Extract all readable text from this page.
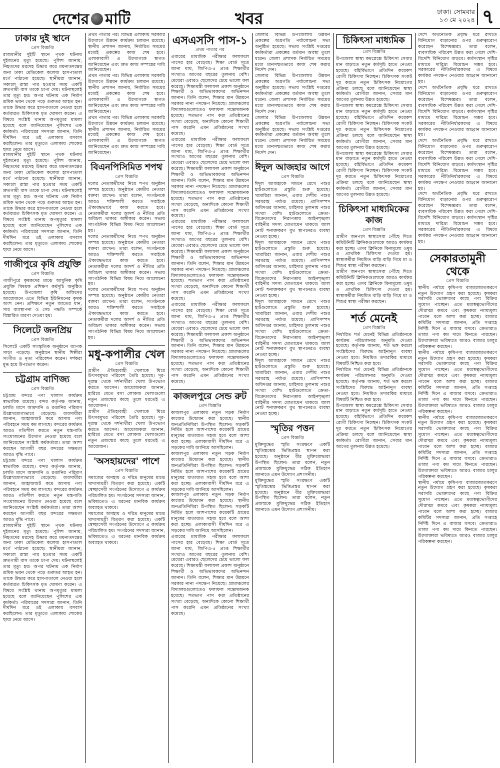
দেশের মাটি	খবর	ঢাকা। সোমবার
১৩ মে ২০২৪ ৭
ঢাকার দুই স্থানে
প্রেস বিজ্ঞপ্তি

রাজধানীর দুইটি স্থানে পৃথক ঘটনায় দুইজনের মৃত্যু হয়েছে। পুলিশ জানায়, নিহতদের মরদেহ উদ্ধার করে ময়নাতদন্তের জন্য ঢাকা মেডিকেল কলেজ হাসপাতাল মর্গে পাঠানো হয়েছে। স্থানীয়রা জানান, সকালে রাস্তা পার হওয়ার সময় একটি দ্রুতগামী বাস তাকে চাপা দেয়। ঘটনাস্থলেই তার মৃত্যু হয়। অপর ঘটনায় এক নির্মাণ শ্রমিক ভবন থেকে পড়ে গুরুতর আহত হন। তাকে উদ্ধার করে হাসপাতালে নেওয়া হলে কর্তব্যরত চিকিৎসক মৃত ঘোষণা করেন। এ বিষয়ে সংশ্লিষ্ট থানায় অপমৃত্যুর মামলা হয়েছে বলে জানিয়েছেন পুলিশের এক কর্মকর্তা। পরিবারের সদস্যরা জানান, তিনি দীর্ঘদিন ধরে ওই এলাকায় বসবাস করছিলেন। তার মৃত্যুতে এলাকায় শোকের ছায়া নেমে আসে।

রাজধানীর দুইটি স্থানে পৃথক ঘটনায় দুইজনের মৃত্যু হয়েছে। পুলিশ জানায়, নিহতদের মরদেহ উদ্ধার করে ময়নাতদন্তের জন্য ঢাকা মেডিকেল কলেজ হাসপাতাল মর্গে পাঠানো হয়েছে। স্থানীয়রা জানান, সকালে রাস্তা পার হওয়ার সময় একটি দ্রুতগামী বাস তাকে চাপা দেয়। ঘটনাস্থলেই তার মৃত্যু হয়। অপর ঘটনায় এক নির্মাণ শ্রমিক ভবন থেকে পড়ে গুরুতর আহত হন। তাকে উদ্ধার করে হাসপাতালে নেওয়া হলে কর্তব্যরত চিকিৎসক মৃত ঘোষণা করেন। এ বিষয়ে সংশ্লিষ্ট থানায় অপমৃত্যুর মামলা হয়েছে বলে জানিয়েছেন পুলিশের এক কর্মকর্তা। পরিবারের সদস্যরা জানান, তিনি দীর্ঘদিন ধরে ওই এলাকায় বসবাস করছিলেন। তার মৃত্যুতে এলাকায় শোকের ছায়া নেমে আসে।

গাজীপুরে কৃষি প্রযুক্তি
প্রেস বিজ্ঞপ্তি

গাজীপুরে কৃষকদের মাঝে আধুনিক কৃষি প্রযুক্তি বিষয়ক প্রশিক্ষণ কর্মসূচি অনুষ্ঠিত হয়েছে। উপজেলা কৃষি অফিসের আয়োজনে এতে বিভিন্ন ইউনিয়নের কৃষক অংশ নেন। প্রশিক্ষণে নতুন জাতের ধান, সার ব্যবস্থাপনা ও সেচ পদ্ধতি সম্পর্কে বিস্তারিত ধারণা দেওয়া হয়।

সিলেটে জনপ্রিয়
প্রেস বিজ্ঞপ্তি

সিলেটে একটি সাংস্কৃতিক অনুষ্ঠানে ব্যাপক সাড়া পড়েছে। অনুষ্ঠানে স্থানীয় শিল্পীরা সংগীত ও নৃত্য পরিবেশন করেন। দর্শকরা মুগ্ধ হয়ে উপভোগ করেন।

চট্টগ্রাম বাণিজ্য
প্রেস বিজ্ঞপ্তি

চট্টগ্রাম বন্দরে পণ্য খালাস কার্যক্রম স্বাভাবিক রয়েছে। বন্দর কর্তৃপক্ষ জানায়, চলতি মাসে আমদানি ও রপ্তানির পরিমাণ উল্লেখযোগ্যভাবে বেড়েছে। ব্যবসায়ীরা জানান, জাহাজজট কমে আসায় পণ্য পরিবহনে সময় কম লাগছে। বন্দরের কার্যক্রম আরও গতিশীল করতে নতুন যন্ত্রপাতি সংযোজনের উদ্যোগ নেওয়া হয়েছে বলে জানিয়েছেন সংশ্লিষ্ট কর্মকর্তারা। তারা আশা করছেন আগামী বছর বন্দরের সক্ষমতা আরও বৃদ্ধি পাবে।

চট্টগ্রাম বন্দরে পণ্য খালাস কার্যক্রম স্বাভাবিক রয়েছে। বন্দর কর্তৃপক্ষ জানায়, চলতি মাসে আমদানি ও রপ্তানির পরিমাণ উল্লেখযোগ্যভাবে বেড়েছে। ব্যবসায়ীরা জানান, জাহাজজট কমে আসায় পণ্য পরিবহনে সময় কম লাগছে। বন্দরের কার্যক্রম আরও গতিশীল করতে নতুন যন্ত্রপাতি সংযোজনের উদ্যোগ নেওয়া হয়েছে বলে জানিয়েছেন সংশ্লিষ্ট কর্মকর্তারা। তারা আশা করছেন আগামী বছর বন্দরের সক্ষমতা আরও বৃদ্ধি পাবে।

রাজধানীর দুইটি স্থানে পৃথক ঘটনায় দুইজনের মৃত্যু হয়েছে। পুলিশ জানায়, নিহতদের মরদেহ উদ্ধার করে ময়নাতদন্তের জন্য ঢাকা মেডিকেল কলেজ হাসপাতাল মর্গে পাঠানো হয়েছে। স্থানীয়রা জানান, সকালে রাস্তা পার হওয়ার সময় একটি দ্রুতগামী বাস তাকে চাপা দেয়। ঘটনাস্থলেই তার মৃত্যু হয়। অপর ঘটনায় এক নির্মাণ শ্রমিক ভবন থেকে পড়ে গুরুতর আহত হন। তাকে উদ্ধার করে হাসপাতালে নেওয়া হলে কর্তব্যরত চিকিৎসক মৃত ঘোষণা করেন। এ বিষয়ে সংশ্লিষ্ট থানায় অপমৃত্যুর মামলা হয়েছে বলে জানিয়েছেন পুলিশের এক কর্মকর্তা। পরিবারের সদস্যরা জানান, তিনি দীর্ঘদিন ধরে ওই এলাকায় বসবাস করছিলেন। তার মৃত্যুতে এলাকায় শোকের ছায়া নেমে আসে।

প্রথম পাতার পর। বিভিন্ন এলাকায় সরকারি উদ্যোগে উন্নয়ন কার্যক্রম চলমান রয়েছে। স্থানীয় প্রশাসন জানায়, নির্ধারিত সময়ের মধ্যেই প্রকল্পের কাজ শেষ হবে। এলাকাবাসী এ উদ্যোগকে স্বাগত জানিয়েছেন এবং দ্রুত কাজ সম্পন্নের দাবি জানিয়েছেন।

প্রথম পাতার পর। বিভিন্ন এলাকায় সরকারি উদ্যোগে উন্নয়ন কার্যক্রম চলমান রয়েছে। স্থানীয় প্রশাসন জানায়, নির্ধারিত সময়ের মধ্যেই প্রকল্পের কাজ শেষ হবে। এলাকাবাসী এ উদ্যোগকে স্বাগত জানিয়েছেন এবং দ্রুত কাজ সম্পন্নের দাবি জানিয়েছেন।

প্রথম পাতার পর। বিভিন্ন এলাকায় সরকারি উদ্যোগে উন্নয়ন কার্যক্রম চলমান রয়েছে। স্থানীয় প্রশাসন জানায়, নির্ধারিত সময়ের মধ্যেই প্রকল্পের কাজ শেষ হবে। এলাকাবাসী এ উদ্যোগকে স্বাগত জানিয়েছেন এবং দ্রুত কাজ সম্পন্নের দাবি জানিয়েছেন।

বিএনপিসিমিত শপথ
প্রেস বিজ্ঞপ্তি

দলের নেতাকর্মীদের নিয়ে শপথ অনুষ্ঠান সম্পন্ন হয়েছে। অনুষ্ঠানে কেন্দ্রীয় নেতারা বক্তব্য রাখেন। তারা বলেন, সংগঠনকে আরও শক্তিশালী করতে সবাইকে ঐক্যবদ্ধভাবে কাজ করতে হবে। নেতাকর্মীরা দলের আদর্শ ও নীতির প্রতি অবিচল থাকার অঙ্গীকার করেন। সভায় সাংগঠনিক বিভিন্ন বিষয় নিয়ে আলোচনা হয়।

দলের নেতাকর্মীদের নিয়ে শপথ অনুষ্ঠান সম্পন্ন হয়েছে। অনুষ্ঠানে কেন্দ্রীয় নেতারা বক্তব্য রাখেন। তারা বলেন, সংগঠনকে আরও শক্তিশালী করতে সবাইকে ঐক্যবদ্ধভাবে কাজ করতে হবে। নেতাকর্মীরা দলের আদর্শ ও নীতির প্রতি অবিচল থাকার অঙ্গীকার করেন। সভায় সাংগঠনিক বিভিন্ন বিষয় নিয়ে আলোচনা হয়।

দলের নেতাকর্মীদের নিয়ে শপথ অনুষ্ঠান সম্পন্ন হয়েছে। অনুষ্ঠানে কেন্দ্রীয় নেতারা বক্তব্য রাখেন। তারা বলেন, সংগঠনকে আরও শক্তিশালী করতে সবাইকে ঐক্যবদ্ধভাবে কাজ করতে হবে। নেতাকর্মীরা দলের আদর্শ ও নীতির প্রতি অবিচল থাকার অঙ্গীকার করেন। সভায় সাংগঠনিক বিভিন্ন বিষয় নিয়ে আলোচনা হয়।

মধু-কপালীর খেল
প্রেস বিজ্ঞপ্তি

গ্রামীণ ঐতিহ্যবাহী খেলাকে ঘিরে উৎসবমুখর পরিবেশ তৈরি হয়েছে। দূর-দূরান্ত থেকে দর্শনার্থীরা খেলা উপভোগ করতে আসেন। আয়োজকরা জানান, হারিয়ে যেতে বসা লোকজ খেলাগুলো নতুন প্রজন্মের কাছে তুলে ধরতেই এ আয়োজন।

গ্রামীণ ঐতিহ্যবাহী খেলাকে ঘিরে উৎসবমুখর পরিবেশ তৈরি হয়েছে। দূর-দূরান্ত থেকে দর্শনার্থীরা খেলা উপভোগ করতে আসেন। আয়োজকরা জানান, হারিয়ে যেতে বসা লোকজ খেলাগুলো নতুন প্রজন্মের কাছে তুলে ধরতেই এ আয়োজন।

'অসহায়দের' পাশে
প্রেস বিজ্ঞপ্তি

সমাজের অসহায় ও দরিদ্র মানুষের মাঝে খাদ্যসামগ্রী বিতরণ করা হয়েছে। একটি স্বেচ্ছাসেবী সংগঠনের উদ্যোগে এ কার্যক্রম পরিচালিত হয়। সংগঠনের সদস্যরা জানান, ভবিষ্যতেও এ ধরনের মানবিক কার্যক্রম অব্যাহত থাকবে।

সমাজের অসহায় ও দরিদ্র মানুষের মাঝে খাদ্যসামগ্রী বিতরণ করা হয়েছে। একটি স্বেচ্ছাসেবী সংগঠনের উদ্যোগে এ কার্যক্রম পরিচালিত হয়। সংগঠনের সদস্যরা জানান, ভবিষ্যতেও এ ধরনের মানবিক কার্যক্রম অব্যাহত থাকবে।

এসএসসি পাস-১
প্রথম পাতার পর

এবারের মাধ্যমিক পরীক্ষার ফলাফলে পাসের হার বেড়েছে। শিক্ষা বোর্ড সূত্রে জানা যায়, জিপিএ-৫ প্রাপ্ত শিক্ষার্থীর সংখ্যাও আগের বছরের তুলনায় বেশি। মেয়েরা এবারও ছেলেদের চেয়ে ভালো ফল করেছে। শিক্ষামন্ত্রী ফলাফল প্রকাশ অনুষ্ঠানে শিক্ষার্থী ও অভিভাবকদের অভিনন্দন জানান। তিনি বলেন, শিক্ষার মান উন্নয়নে সরকার নানা পদক্ষেপ নিয়েছে। গ্রামাঞ্চলের বিদ্যালয়গুলোতেও ফলাফল সন্তোষজনক হয়েছে। শতভাগ পাস করা প্রতিষ্ঠানের সংখ্যা বেড়েছে, অন্যদিকে কোনো শিক্ষার্থী পাস করেনি এমন প্রতিষ্ঠানের সংখ্যা কমেছে।

এবারের মাধ্যমিক পরীক্ষার ফলাফলে পাসের হার বেড়েছে। শিক্ষা বোর্ড সূত্রে জানা যায়, জিপিএ-৫ প্রাপ্ত শিক্ষার্থীর সংখ্যাও আগের বছরের তুলনায় বেশি। মেয়েরা এবারও ছেলেদের চেয়ে ভালো ফল করেছে। শিক্ষামন্ত্রী ফলাফল প্রকাশ অনুষ্ঠানে শিক্ষার্থী ও অভিভাবকদের অভিনন্দন জানান। তিনি বলেন, শিক্ষার মান উন্নয়নে সরকার নানা পদক্ষেপ নিয়েছে। গ্রামাঞ্চলের বিদ্যালয়গুলোতেও ফলাফল সন্তোষজনক হয়েছে। শতভাগ পাস করা প্রতিষ্ঠানের সংখ্যা বেড়েছে, অন্যদিকে কোনো শিক্ষার্থী পাস করেনি এমন প্রতিষ্ঠানের সংখ্যা কমেছে।

এবারের মাধ্যমিক পরীক্ষার ফলাফলে পাসের হার বেড়েছে। শিক্ষা বোর্ড সূত্রে জানা যায়, জিপিএ-৫ প্রাপ্ত শিক্ষার্থীর সংখ্যাও আগের বছরের তুলনায় বেশি। মেয়েরা এবারও ছেলেদের চেয়ে ভালো ফল করেছে। শিক্ষামন্ত্রী ফলাফল প্রকাশ অনুষ্ঠানে শিক্ষার্থী ও অভিভাবকদের অভিনন্দন জানান। তিনি বলেন, শিক্ষার মান উন্নয়নে সরকার নানা পদক্ষেপ নিয়েছে। গ্রামাঞ্চলের বিদ্যালয়গুলোতেও ফলাফল সন্তোষজনক হয়েছে। শতভাগ পাস করা প্রতিষ্ঠানের সংখ্যা বেড়েছে, অন্যদিকে কোনো শিক্ষার্থী পাস করেনি এমন প্রতিষ্ঠানের সংখ্যা কমেছে।

এবারের মাধ্যমিক পরীক্ষার ফলাফলে পাসের হার বেড়েছে। শিক্ষা বোর্ড সূত্রে জানা যায়, জিপিএ-৫ প্রাপ্ত শিক্ষার্থীর সংখ্যাও আগের বছরের তুলনায় বেশি। মেয়েরা এবারও ছেলেদের চেয়ে ভালো ফল করেছে। শিক্ষামন্ত্রী ফলাফল প্রকাশ অনুষ্ঠানে শিক্ষার্থী ও অভিভাবকদের অভিনন্দন জানান। তিনি বলেন, শিক্ষার মান উন্নয়নে সরকার নানা পদক্ষেপ নিয়েছে। গ্রামাঞ্চলের বিদ্যালয়গুলোতেও ফলাফল সন্তোষজনক হয়েছে। শতভাগ পাস করা প্রতিষ্ঠানের সংখ্যা বেড়েছে, অন্যদিকে কোনো শিক্ষার্থী পাস করেনি এমন প্রতিষ্ঠানের সংখ্যা কমেছে।

কাজলপুরে সেন্ড রুট
প্রেস বিজ্ঞপ্তি

কাজলপুর এলাকায় নতুন সড়ক নির্মাণ কাজের উদ্বোধন করা হয়েছে। স্থানীয় জনপ্রতিনিধিরা উপস্থিত ছিলেন। সড়কটি নির্মিত হলে আশপাশের কয়েকটি গ্রামের মানুষের যাতায়াত সহজ হবে বলে আশা করা হচ্ছে। এলাকাবাসী দীর্ঘদিন ধরে এ সড়কের দাবি জানিয়ে আসছিলেন।

কাজলপুর এলাকায় নতুন সড়ক নির্মাণ কাজের উদ্বোধন করা হয়েছে। স্থানীয় জনপ্রতিনিধিরা উপস্থিত ছিলেন। সড়কটি নির্মিত হলে আশপাশের কয়েকটি গ্রামের মানুষের যাতায়াত সহজ হবে বলে আশা করা হচ্ছে। এলাকাবাসী দীর্ঘদিন ধরে এ সড়কের দাবি জানিয়ে আসছিলেন।

কাজলপুর এলাকায় নতুন সড়ক নির্মাণ কাজের উদ্বোধন করা হয়েছে। স্থানীয় জনপ্রতিনিধিরা উপস্থিত ছিলেন। সড়কটি নির্মিত হলে আশপাশের কয়েকটি গ্রামের মানুষের যাতায়াত সহজ হবে বলে আশা করা হচ্ছে। এলাকাবাসী দীর্ঘদিন ধরে এ সড়কের দাবি জানিয়ে আসছিলেন।

এবারের মাধ্যমিক পরীক্ষার ফলাফলে পাসের হার বেড়েছে। শিক্ষা বোর্ড সূত্রে জানা যায়, জিপিএ-৫ প্রাপ্ত শিক্ষার্থীর সংখ্যাও আগের বছরের তুলনায় বেশি। মেয়েরা এবারও ছেলেদের চেয়ে ভালো ফল করেছে। শিক্ষামন্ত্রী ফলাফল প্রকাশ অনুষ্ঠানে শিক্ষার্থী ও অভিভাবকদের অভিনন্দন জানান। তিনি বলেন, শিক্ষার মান উন্নয়নে সরকার নানা পদক্ষেপ নিয়েছে। গ্রামাঞ্চলের বিদ্যালয়গুলোতেও ফলাফল সন্তোষজনক হয়েছে। শতভাগ পাস করা প্রতিষ্ঠানের সংখ্যা বেড়েছে, অন্যদিকে কোনো শিক্ষার্থী পাস করেনি এমন প্রতিষ্ঠানের সংখ্যা কমেছে।

জেলার বিভিন্ন উপজেলায় উন্নয়ন প্রকল্পের অগ্রগতি পর্যালোচনা সভা অনুষ্ঠিত হয়েছে। সভায় সংশ্লিষ্ট দপ্তরের কর্মকর্তারা প্রকল্পের বর্তমান অবস্থা তুলে ধরেন। জেলা প্রশাসক নির্ধারিত সময়ের মধ্যে মানসম্মতভাবে কাজ শেষ করার নির্দেশ দেন।

জেলার বিভিন্ন উপজেলায় উন্নয়ন প্রকল্পের অগ্রগতি পর্যালোচনা সভা অনুষ্ঠিত হয়েছে। সভায় সংশ্লিষ্ট দপ্তরের কর্মকর্তারা প্রকল্পের বর্তমান অবস্থা তুলে ধরেন। জেলা প্রশাসক নির্ধারিত সময়ের মধ্যে মানসম্মতভাবে কাজ শেষ করার নির্দেশ দেন।

জেলার বিভিন্ন উপজেলায় উন্নয়ন প্রকল্পের অগ্রগতি পর্যালোচনা সভা অনুষ্ঠিত হয়েছে। সভায় সংশ্লিষ্ট দপ্তরের কর্মকর্তারা প্রকল্পের বর্তমান অবস্থা তুলে ধরেন। জেলা প্রশাসক নির্ধারিত সময়ের মধ্যে মানসম্মতভাবে কাজ শেষ করার নির্দেশ দেন।

ঈদুল আজহার আগে
প্রেস বিজ্ঞপ্তি

ঈদুল আজহাকে সামনে রেখে পশুর হাটগুলোতে প্রস্তুতি শুরু হয়েছে। খামারিরা জানান, এবার দেশীয় পশুর সরবরাহ পর্যাপ্ত রয়েছে। প্রাণিসম্পদ অধিদপ্তর জানায়, চাহিদার তুলনায় পশুর সংখ্যা বেশি। হাটগুলোতে ক্রেতা-বিক্রেতাদের নিরাপত্তায় আইনশৃঙ্খলা বাহিনীর সদস্য মোতায়েন থাকবে। জাল নোট শনাক্তকরণ বুথ স্থাপনেরও ব্যবস্থা নেওয়া হচ্ছে।

ঈদুল আজহাকে সামনে রেখে পশুর হাটগুলোতে প্রস্তুতি শুরু হয়েছে। খামারিরা জানান, এবার দেশীয় পশুর সরবরাহ পর্যাপ্ত রয়েছে। প্রাণিসম্পদ অধিদপ্তর জানায়, চাহিদার তুলনায় পশুর সংখ্যা বেশি। হাটগুলোতে ক্রেতা-বিক্রেতাদের নিরাপত্তায় আইনশৃঙ্খলা বাহিনীর সদস্য মোতায়েন থাকবে। জাল নোট শনাক্তকরণ বুথ স্থাপনেরও ব্যবস্থা নেওয়া হচ্ছে।

ঈদুল আজহাকে সামনে রেখে পশুর হাটগুলোতে প্রস্তুতি শুরু হয়েছে। খামারিরা জানান, এবার দেশীয় পশুর সরবরাহ পর্যাপ্ত রয়েছে। প্রাণিসম্পদ অধিদপ্তর জানায়, চাহিদার তুলনায় পশুর সংখ্যা বেশি। হাটগুলোতে ক্রেতা-বিক্রেতাদের নিরাপত্তায় আইনশৃঙ্খলা বাহিনীর সদস্য মোতায়েন থাকবে। জাল নোট শনাক্তকরণ বুথ স্থাপনেরও ব্যবস্থা নেওয়া হচ্ছে।

ঈদুল আজহাকে সামনে রেখে পশুর হাটগুলোতে প্রস্তুতি শুরু হয়েছে। খামারিরা জানান, এবার দেশীয় পশুর সরবরাহ পর্যাপ্ত রয়েছে। প্রাণিসম্পদ অধিদপ্তর জানায়, চাহিদার তুলনায় পশুর সংখ্যা বেশি। হাটগুলোতে ক্রেতা-বিক্রেতাদের নিরাপত্তায় আইনশৃঙ্খলা বাহিনীর সদস্য মোতায়েন থাকবে। জাল নোট শনাক্তকরণ বুথ স্থাপনেরও ব্যবস্থা নেওয়া হচ্ছে।

স্মৃতির পত্তন
প্রেস বিজ্ঞপ্তি

মুক্তিযুদ্ধের স্মৃতি সংরক্ষণে একটি স্মৃতিস্তম্ভের ভিত্তিপ্রস্তর স্থাপন করা হয়েছে। অনুষ্ঠানে বীর মুক্তিযোদ্ধারা উপস্থিত ছিলেন। তারা বলেন, নতুন প্রজন্মকে মুক্তিযুদ্ধের সঠিক ইতিহাস জানাতে এমন উদ্যোগ প্রশংসনীয়।

মুক্তিযুদ্ধের স্মৃতি সংরক্ষণে একটি স্মৃতিস্তম্ভের ভিত্তিপ্রস্তর স্থাপন করা হয়েছে। অনুষ্ঠানে বীর মুক্তিযোদ্ধারা উপস্থিত ছিলেন। তারা বলেন, নতুন প্রজন্মকে মুক্তিযুদ্ধের সঠিক ইতিহাস জানাতে এমন উদ্যোগ প্রশংসনীয়।

চিকিৎসা মাধ্যমিক
প্রেস বিজ্ঞপ্তি

উপজেলা স্বাস্থ্য কমপ্লেক্সে চিকিৎসা সেবার মান বাড়াতে নতুন কর্মসূচি হাতে নেওয়া হয়েছে। বহির্বিভাগে প্রতিদিন কয়েকশ রোগী চিকিৎসা নিচ্ছেন। চিকিৎসক সংকট দূর করতে নতুন চিকিৎসক নিয়োগের প্রক্রিয়া চলছে বলে জানিয়েছেন স্বাস্থ্য কর্মকর্তা। রোগীরা জানান, সেবার মান আগের তুলনায় উন্নত হয়েছে।

উপজেলা স্বাস্থ্য কমপ্লেক্সে চিকিৎসা সেবার মান বাড়াতে নতুন কর্মসূচি হাতে নেওয়া হয়েছে। বহির্বিভাগে প্রতিদিন কয়েকশ রোগী চিকিৎসা নিচ্ছেন। চিকিৎসক সংকট দূর করতে নতুন চিকিৎসক নিয়োগের প্রক্রিয়া চলছে বলে জানিয়েছেন স্বাস্থ্য কর্মকর্তা। রোগীরা জানান, সেবার মান আগের তুলনায় উন্নত হয়েছে।

উপজেলা স্বাস্থ্য কমপ্লেক্সে চিকিৎসা সেবার মান বাড়াতে নতুন কর্মসূচি হাতে নেওয়া হয়েছে। বহির্বিভাগে প্রতিদিন কয়েকশ রোগী চিকিৎসা নিচ্ছেন। চিকিৎসক সংকট দূর করতে নতুন চিকিৎসক নিয়োগের প্রক্রিয়া চলছে বলে জানিয়েছেন স্বাস্থ্য কর্মকর্তা। রোগীরা জানান, সেবার মান আগের তুলনায় উন্নত হয়েছে।

চিকিৎসা মাধ্যমিকের কাজ
প্রেস বিজ্ঞপ্তি

গ্রামীণ জনপদে স্বাস্থ্যসেবা পৌঁছে দিতে কমিউনিটি ক্লিনিকগুলোকে আরও কার্যকর করা হচ্ছে। এসব ক্লিনিকে বিনামূল্যে ওষুধ ও প্রাথমিক চিকিৎসা দেওয়া হয়। স্বাস্থ্যকর্মীরা নিয়মিত বাড়ি বাড়ি গিয়ে মা ও শিশুর স্বাস্থ্য পরীক্ষা করছেন।

গ্রামীণ জনপদে স্বাস্থ্যসেবা পৌঁছে দিতে কমিউনিটি ক্লিনিকগুলোকে আরও কার্যকর করা হচ্ছে। এসব ক্লিনিকে বিনামূল্যে ওষুধ ও প্রাথমিক চিকিৎসা দেওয়া হয়। স্বাস্থ্যকর্মীরা নিয়মিত বাড়ি বাড়ি গিয়ে মা ও শিশুর স্বাস্থ্য পরীক্ষা করছেন।

শর্ত মেনেই
প্রেস বিজ্ঞপ্তি

নির্ধারিত শর্ত মেনেই বিভিন্ন প্রতিষ্ঠানকে কার্যক্রম পরিচালনার অনুমতি দেওয়া হয়েছে। কর্তৃপক্ষ জানায়, শর্ত ভঙ্গ করলে সংশ্লিষ্টদের বিরুদ্ধে আইনানুগ ব্যবস্থা নেওয়া হবে। নিয়মিত তদারকির মাধ্যমে বিষয়টি নিশ্চিত করা হবে।

নির্ধারিত শর্ত মেনেই বিভিন্ন প্রতিষ্ঠানকে কার্যক্রম পরিচালনার অনুমতি দেওয়া হয়েছে। কর্তৃপক্ষ জানায়, শর্ত ভঙ্গ করলে সংশ্লিষ্টদের বিরুদ্ধে আইনানুগ ব্যবস্থা নেওয়া হবে। নিয়মিত তদারকির মাধ্যমে বিষয়টি নিশ্চিত করা হবে।

উপজেলা স্বাস্থ্য কমপ্লেক্সে চিকিৎসা সেবার মান বাড়াতে নতুন কর্মসূচি হাতে নেওয়া হয়েছে। বহির্বিভাগে প্রতিদিন কয়েকশ রোগী চিকিৎসা নিচ্ছেন। চিকিৎসক সংকট দূর করতে নতুন চিকিৎসক নিয়োগের প্রক্রিয়া চলছে বলে জানিয়েছেন স্বাস্থ্য কর্মকর্তা। রোগীরা জানান, সেবার মান আগের তুলনায় উন্নত হয়েছে।

দেশে অর্থনৈতিক প্রবৃদ্ধি ধরে রাখতে বিনিয়োগ বাড়ানোর ওপর গুরুত্বারোপ করেছেন বিশেষজ্ঞরা। তারা বলেন, ব্যবসায়িক পরিবেশ উন্নত করা গেলে দেশি-বিদেশি বিনিয়োগ বাড়বে। কর্মসংস্থান সৃষ্টির মাধ্যমে দারিদ্র্য বিমোচন সম্ভব হবে। সরকারের নীতিনির্ধারকদের এ বিষয়ে কার্যকর পদক্ষেপ নেওয়ার আহ্বান জানানো হয়।

দেশে অর্থনৈতিক প্রবৃদ্ধি ধরে রাখতে বিনিয়োগ বাড়ানোর ওপর গুরুত্বারোপ করেছেন বিশেষজ্ঞরা। তারা বলেন, ব্যবসায়িক পরিবেশ উন্নত করা গেলে দেশি-বিদেশি বিনিয়োগ বাড়বে। কর্মসংস্থান সৃষ্টির মাধ্যমে দারিদ্র্য বিমোচন সম্ভব হবে। সরকারের নীতিনির্ধারকদের এ বিষয়ে কার্যকর পদক্ষেপ নেওয়ার আহ্বান জানানো হয়।

দেশে অর্থনৈতিক প্রবৃদ্ধি ধরে রাখতে বিনিয়োগ বাড়ানোর ওপর গুরুত্বারোপ করেছেন বিশেষজ্ঞরা। তারা বলেন, ব্যবসায়িক পরিবেশ উন্নত করা গেলে দেশি-বিদেশি বিনিয়োগ বাড়বে। কর্মসংস্থান সৃষ্টির মাধ্যমে দারিদ্র্য বিমোচন সম্ভব হবে। সরকারের নীতিনির্ধারকদের এ বিষয়ে কার্যকর পদক্ষেপ নেওয়ার আহ্বান জানানো হয়।

দেশে অর্থনৈতিক প্রবৃদ্ধি ধরে রাখতে বিনিয়োগ বাড়ানোর ওপর গুরুত্বারোপ করেছেন বিশেষজ্ঞরা। তারা বলেন, ব্যবসায়িক পরিবেশ উন্নত করা গেলে দেশি-বিদেশি বিনিয়োগ বাড়বে। কর্মসংস্থান সৃষ্টির মাধ্যমে দারিদ্র্য বিমোচন সম্ভব হবে। সরকারের নীতিনির্ধারকদের এ বিষয়ে কার্যকর পদক্ষেপ নেওয়ার আহ্বান জানানো হয়।

সেকারতামুনী থেকে
প্রেস বিজ্ঞপ্তি

স্থানীয় পর্যায়ে কৃষিপণ্য বাজারজাতকরণে নতুন উদ্যোগ গ্রহণ করা হয়েছে। কৃষকরা সরাসরি ভোক্তাদের কাছে পণ্য বিক্রির সুযোগ পাচ্ছেন। এতে মধ্যস্বত্বভোগীদের দৌরাত্ম্য কমবে এবং কৃষকরা ন্যায্যমূল্য পাবেন বলে আশা করা হচ্ছে। বাজার কমিটির সদস্যরা জানান, প্রতি সপ্তাহে নির্দিষ্ট দিনে এ বাজার বসবে। ক্রেতারাও তাজা পণ্য কম দামে কিনতে পারছেন। উদ্যোক্তারা ভবিষ্যতে আরও বাজার চালুর পরিকল্পনা করছেন।

স্থানীয় পর্যায়ে কৃষিপণ্য বাজারজাতকরণে নতুন উদ্যোগ গ্রহণ করা হয়েছে। কৃষকরা সরাসরি ভোক্তাদের কাছে পণ্য বিক্রির সুযোগ পাচ্ছেন। এতে মধ্যস্বত্বভোগীদের দৌরাত্ম্য কমবে এবং কৃষকরা ন্যায্যমূল্য পাবেন বলে আশা করা হচ্ছে। বাজার কমিটির সদস্যরা জানান, প্রতি সপ্তাহে নির্দিষ্ট দিনে এ বাজার বসবে। ক্রেতারাও তাজা পণ্য কম দামে কিনতে পারছেন। উদ্যোক্তারা ভবিষ্যতে আরও বাজার চালুর পরিকল্পনা করছেন।

স্থানীয় পর্যায়ে কৃষিপণ্য বাজারজাতকরণে নতুন উদ্যোগ গ্রহণ করা হয়েছে। কৃষকরা সরাসরি ভোক্তাদের কাছে পণ্য বিক্রির সুযোগ পাচ্ছেন। এতে মধ্যস্বত্বভোগীদের দৌরাত্ম্য কমবে এবং কৃষকরা ন্যায্যমূল্য পাবেন বলে আশা করা হচ্ছে। বাজার কমিটির সদস্যরা জানান, প্রতি সপ্তাহে নির্দিষ্ট দিনে এ বাজার বসবে। ক্রেতারাও তাজা পণ্য কম দামে কিনতে পারছেন। উদ্যোক্তারা ভবিষ্যতে আরও বাজার চালুর পরিকল্পনা করছেন।

স্থানীয় পর্যায়ে কৃষিপণ্য বাজারজাতকরণে নতুন উদ্যোগ গ্রহণ করা হয়েছে। কৃষকরা সরাসরি ভোক্তাদের কাছে পণ্য বিক্রির সুযোগ পাচ্ছেন। এতে মধ্যস্বত্বভোগীদের দৌরাত্ম্য কমবে এবং কৃষকরা ন্যায্যমূল্য পাবেন বলে আশা করা হচ্ছে। বাজার কমিটির সদস্যরা জানান, প্রতি সপ্তাহে নির্দিষ্ট দিনে এ বাজার বসবে। ক্রেতারাও তাজা পণ্য কম দামে কিনতে পারছেন। উদ্যোক্তারা ভবিষ্যতে আরও বাজার চালুর পরিকল্পনা করছেন।
